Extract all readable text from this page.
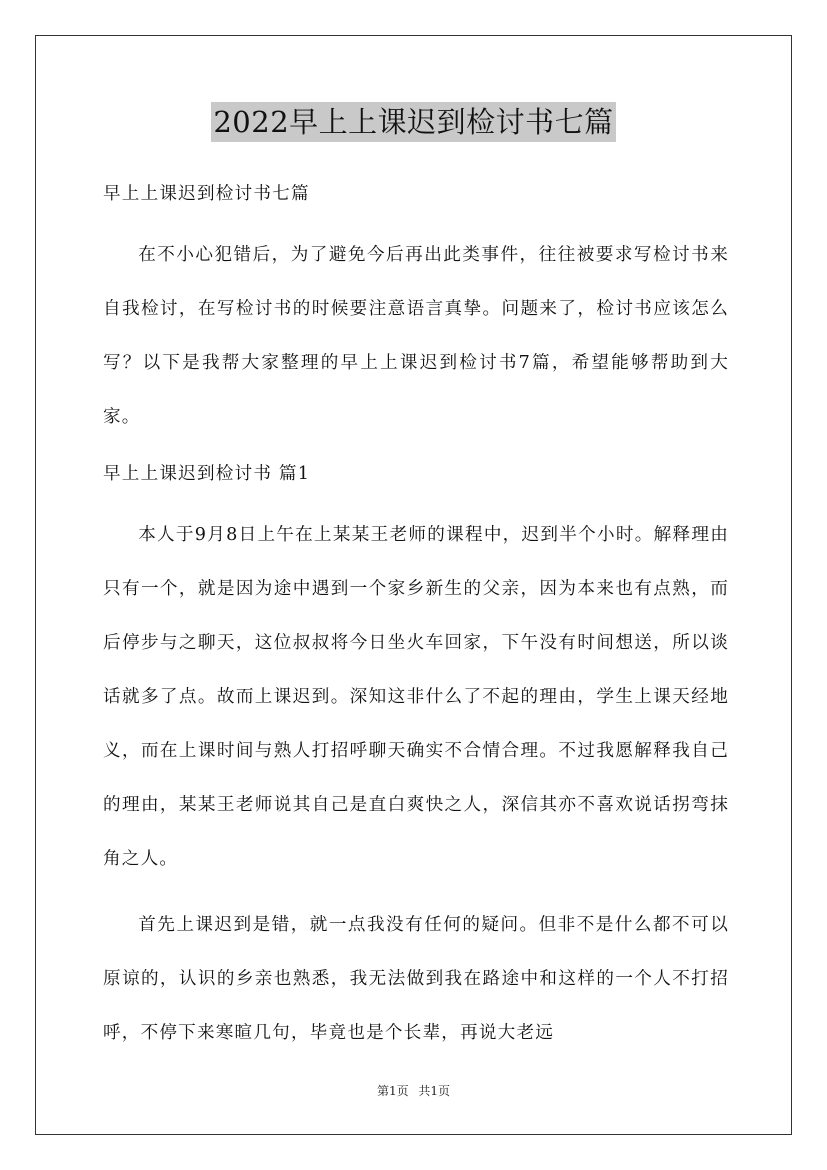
2022早上上课迟到检讨书七篇
早上上课迟到检讨书七篇

在不小心犯错后，为了避免今后再出此类事件，往往被要求写检讨书来自我检讨，在写检讨书的时候要注意语言真挚。问题来了，检讨书应该怎么写？以下是我帮大家整理的早上上课迟到检讨书7篇，希望能够帮助到大家。

早上上课迟到检讨书 篇1

本人于9月8日上午在上某某王老师的课程中，迟到半个小时。解释理由只有一个，就是因为途中遇到一个家乡新生的父亲，因为本来也有点熟，而后停步与之聊天，这位叔叔将今日坐火车回家，下午没有时间想送，所以谈话就多了点。故而上课迟到。深知这非什么了不起的理由，学生上课天经地义，而在上课时间与熟人打招呼聊天确实不合情合理。不过我愿解释我自己的理由，某某王老师说其自己是直白爽快之人，深信其亦不喜欢说话拐弯抹角之人。

首先上课迟到是错，就一点我没有任何的疑问。但非不是什么都不可以原谅的，认识的乡亲也熟悉，我无法做到我在路途中和这样的一个人不打招呼，不停下来寒暄几句，毕竟也是个长辈，再说大老远

第1页 共1页
